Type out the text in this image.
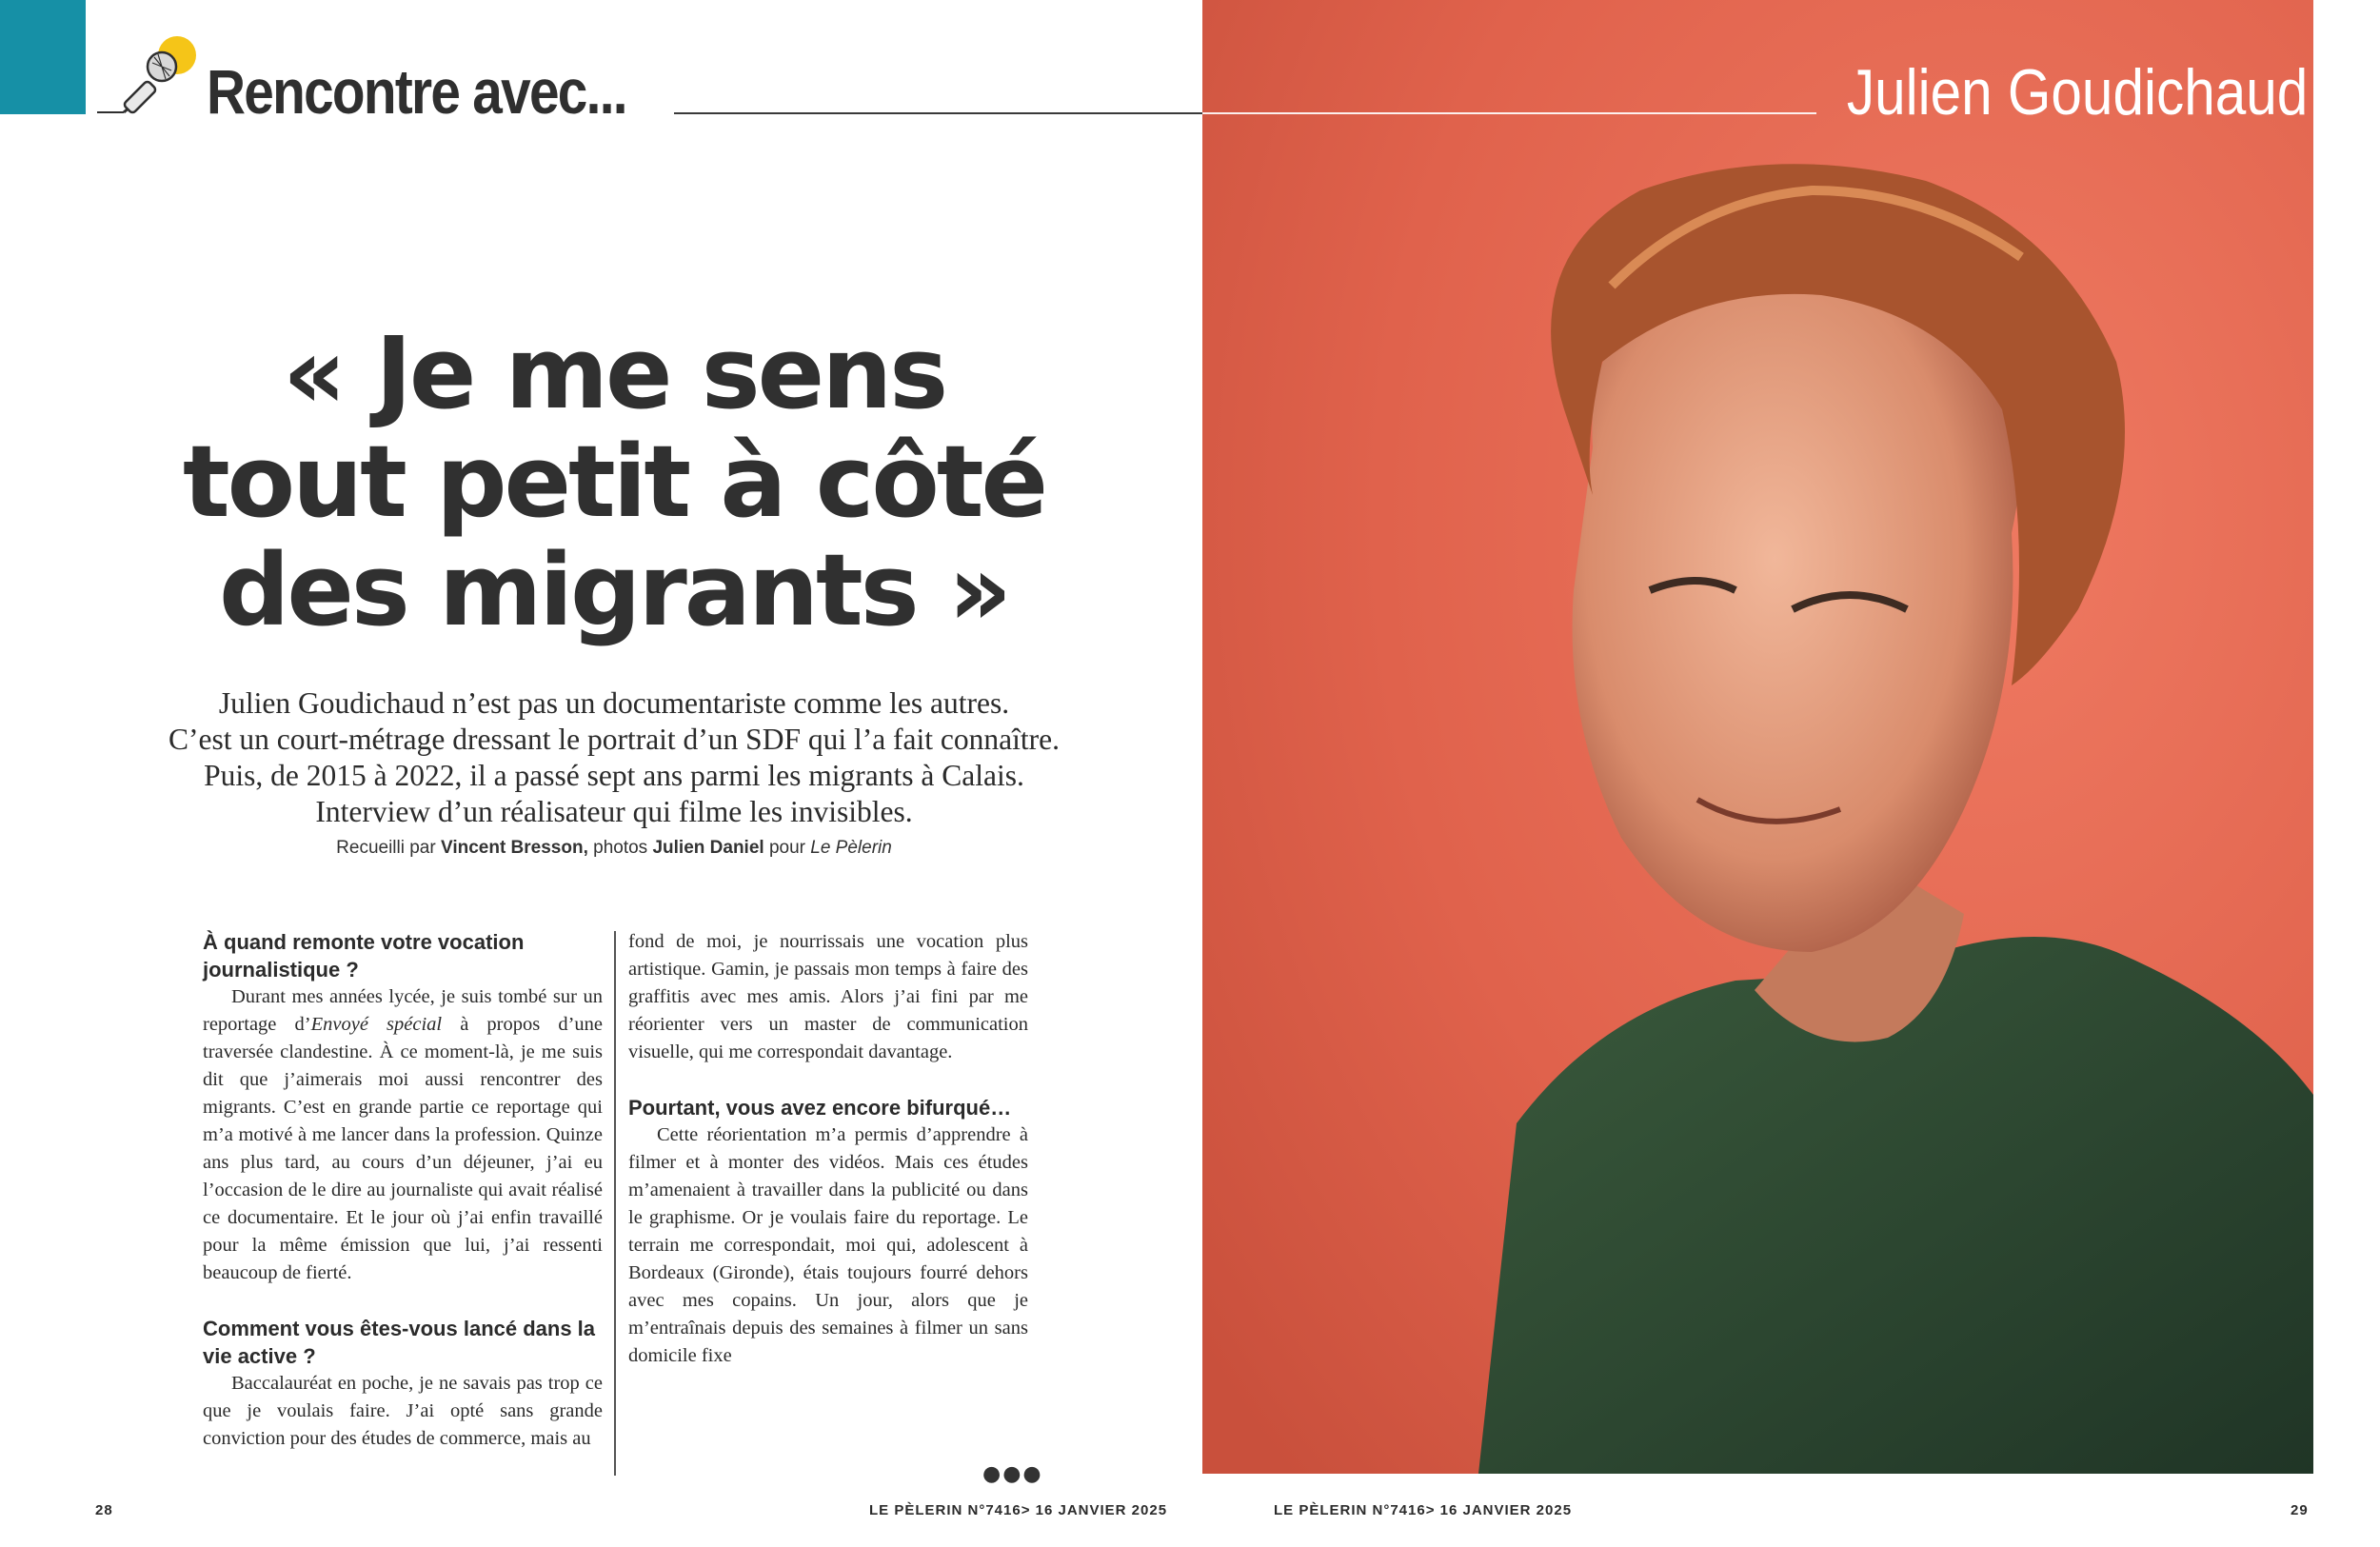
Rencontre avec...	Julien Goudichaud
« Je me sens
tout petit à côté
des migrants »
Julien Goudichaud n’est pas un documentariste comme les autres.
C’est un court-métrage dressant le portrait d’un SDF qui l’a fait connaître.
Puis, de 2015 à 2022, il a passé sept ans parmi les migrants à Calais.
Interview d’un réalisateur qui filme les invisibles.
Recueilli par Vincent Bresson, photos Julien Daniel pour Le Pèlerin

À quand remonte votre vocation journalistique ?

Durant mes années lycée, je suis tombé sur un reportage d’Envoyé spécial à propos d’une traversée clandestine. À ce moment-là, je me suis dit que j’aimerais moi aussi rencontrer des migrants. C’est en grande partie ce reportage qui m’a motivé à me lancer dans la profession. Quinze ans plus tard, au cours d’un déjeuner, j’ai eu l’occasion de le dire au journaliste qui avait réalisé ce documentaire. Et le jour où j’ai enfin travaillé pour la même émission que lui, j’ai ressenti beaucoup de fierté.

Comment vous êtes-vous lancé dans la vie active ?

Baccalauréat en poche, je ne savais pas trop ce que je voulais faire. J’ai opté sans grande conviction pour des études de commerce, mais au

fond de moi, je nourrissais une vocation plus artistique. Gamin, je passais mon temps à faire des graffitis avec mes amis. Alors j’ai fini par me réorienter vers un master de communication visuelle, qui me correspondait davantage.

Pourtant, vous avez encore bifurqué…

Cette réorientation m’a permis d’apprendre à filmer et à monter des vidéos. Mais ces études m’amenaient à travailler dans la publicité ou dans le graphisme. Or je voulais faire du reportage. Le terrain me correspondait, moi qui, adolescent à Bordeaux (Gironde), étais toujours fourré dehors avec mes copains. Un jour, alors que je m’entraînais depuis des semaines à filmer un sans domicile fixe

●●●
28	LE PÈLERIN N°7416> 16 JANVIER 2025	LE PÈLERIN N°7416> 16 JANVIER 2025	29
